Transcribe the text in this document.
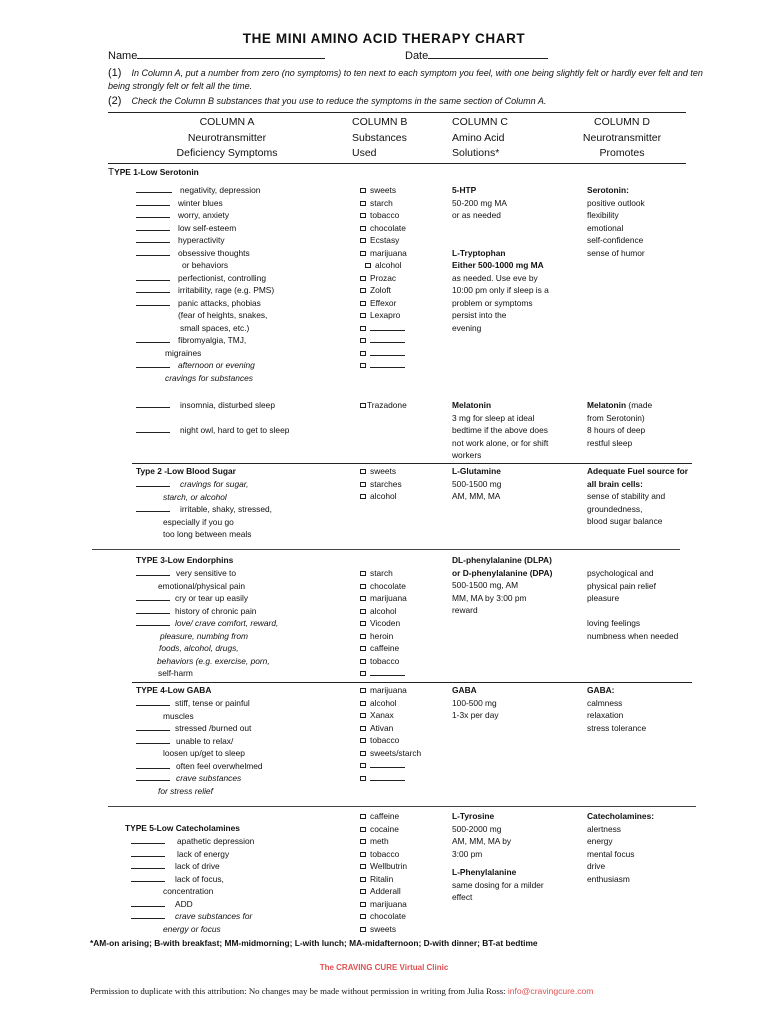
THE MINI AMINO ACID THERAPY CHART
Name	Date
(1) In Column A, put a number from zero (no symptoms) to ten next to each symptom you feel, with one being slightly felt or hardly ever felt and ten being strongly felt or felt all the time.
(2) Check the Column B substances that you use to reduce the symptoms in the same section of Column A.
COLUMN A
Neurotransmitter
Deficiency Symptoms
COLUMN B
Substances
Used
COLUMN C
Amino Acid
Solutions*
COLUMN D
Neurotransmitter
Promotes
TYPE 1-Low Serotonin
negativity, depression
winter blues
worry, anxiety
low self-esteem
hyperactivity
obsessive thoughts
or behaviors
perfectionist, controlling
irritability, rage (e.g. PMS)
panic attacks, phobias
(fear of heights, snakes,
small spaces, etc.)
fibromyalgia, TMJ,
migraines
afternoon or evening
cravings for substances
sweets
starch
tobacco
chocolate
Ecstasy
marijuana
alcohol
Prozac
Zoloft
Effexor
Lexapro
5-HTP
50-200 mg MA
or as needed
L-Tryptophan
Either 500-1000 mg MA
as needed. Use eve by
10:00 pm only if sleep is a
problem or symptoms
persist into the
evening
Serotonin:
positive outlook
flexibility
emotional
self-confidence
sense of humor
insomnia, disturbed sleep
night owl, hard to get to sleep
Trazadone	Melatonin
3 mg for sleep at ideal
bedtime if the above does
not work alone, or for shift
workers
Melatonin (made
from Serotonin)
8 hours of deep
restful sleep
Type 2 -Low Blood Sugar
cravings for sugar,
starch, or alcohol
irritable, shaky, stressed,
especially if you go
too long between meals
sweets
starches
alcohol
L-Glutamine
500-1500 mg
AM, MM, MA
Adequate Fuel source for
all brain cells:
sense of stability and
groundedness,
blood sugar balance
TYPE 3-Low Endorphins
very sensitive to
emotional/physical pain
cry or tear up easily
history of chronic pain
love/ crave comfort, reward,
pleasure, numbing from
foods, alcohol, drugs,
behaviors (e.g. exercise, porn,
self-harm
starch
chocolate
marijuana
alcohol
Vicoden
heroin
caffeine
tobacco
DL-phenylalanine (DLPA)
or D-phenylalanine (DPA)
500-1500 mg, AM
MM, MA by 3:00 pm
reward
psychological and
physical pain relief
pleasure
loving feelings
numbness when needed
TYPE 4-Low GABA
stiff, tense or painful
muscles
stressed /burned out
unable to relax/
loosen up/get to sleep
often feel overwhelmed
crave substances
for stress relief
marijuana
alcohol
Xanax
Ativan
tobacco
sweets/starch
GABA
100-500 mg
1-3x per day
GABA:
calmness
relaxation
stress tolerance
TYPE 5-Low Catecholamines
apathetic depression
lack of energy
lack of drive
lack of focus,
concentration
ADD
crave substances for
energy or focus
caffeine
cocaine
meth
tobacco
Wellbutrin
Ritalin
Adderall
marijuana
chocolate
sweets
L-Tyrosine
500-2000 mg
AM, MM, MA by
3:00 pm
L-Phenylalanine
same dosing for a milder
effect
Catecholamines:
alertness
energy
mental focus
drive
enthusiasm
*AM-on arising; B-with breakfast; MM-midmorning; L-with lunch; MA-midafternoon; D-with dinner; BT-at bedtime
The CRAVING CURE Virtual Clinic
Permission to duplicate with this attribution: No changes may be made without permission in writing from Julia Ross: info@cravingcure.com
